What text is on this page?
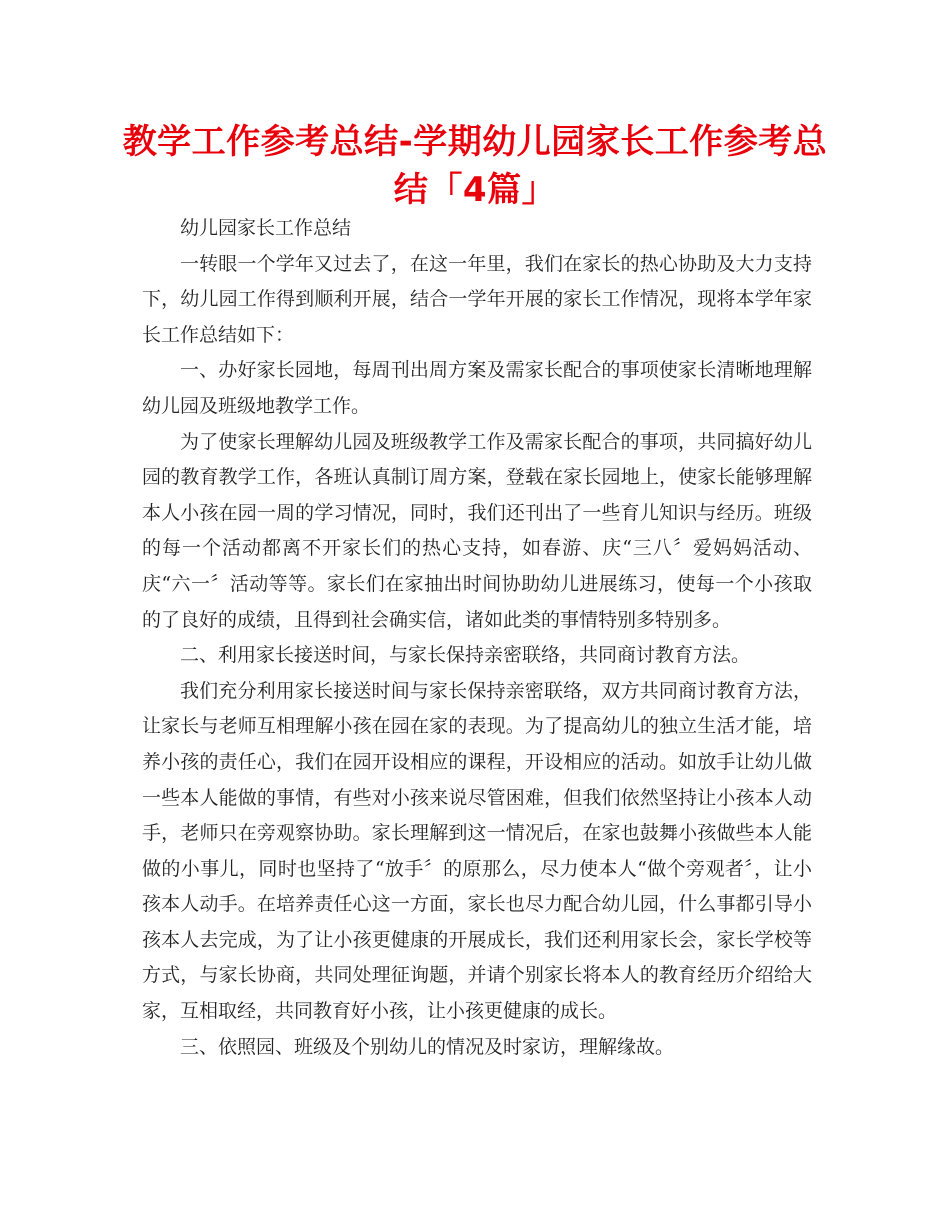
教学工作参考总结-学期幼儿园家长工作参考总结「4篇」

幼儿园家长工作总结

一转眼一个学年又过去了，在这一年里，我们在家长的热心协助及大力支持下，幼儿园工作得到顺利开展，结合一学年开展的家长工作情况，现将本学年家长工作总结如下：

一、办好家长园地，每周刊出周方案及需家长配合的事项使家长清晰地理解幼儿园及班级地教学工作。

为了使家长理解幼儿园及班级教学工作及需家长配合的事项，共同搞好幼儿园的教育教学工作，各班认真制订周方案，登载在家长园地上，使家长能够理解本人小孩在园一周的学习情况，同时，我们还刊出了一些育儿知识与经历。班级的每一个活动都离不开家长们的热心支持，如春游、庆“三八〞爱妈妈活动、庆“六一〞活动等等。家长们在家抽出时间协助幼儿进展练习，使每一个小孩取的了良好的成绩，且得到社会确实信，诸如此类的事情特别多特别多。

二、利用家长接送时间，与家长保持亲密联络，共同商讨教育方法。

我们充分利用家长接送时间与家长保持亲密联络，双方共同商讨教育方法，让家长与老师互相理解小孩在园在家的表现。为了提高幼儿的独立生活才能，培养小孩的责任心，我们在园开设相应的课程，开设相应的活动。如放手让幼儿做一些本人能做的事情，有些对小孩来说尽管困难，但我们依然坚持让小孩本人动手，老师只在旁观察协助。家长理解到这一情况后，在家也鼓舞小孩做些本人能做的小事儿，同时也坚持了“放手〞的原那么，尽力使本人“做个旁观者〞，让小孩本人动手。在培养责任心这一方面，家长也尽力配合幼儿园，什么事都引导小孩本人去完成，为了让小孩更健康的开展成长，我们还利用家长会，家长学校等方式，与家长协商，共同处理征询题，并请个别家长将本人的教育经历介绍给大家，互相取经，共同教育好小孩，让小孩更健康的成长。

三、依照园、班级及个别幼儿的情况及时家访，理解缘故。
